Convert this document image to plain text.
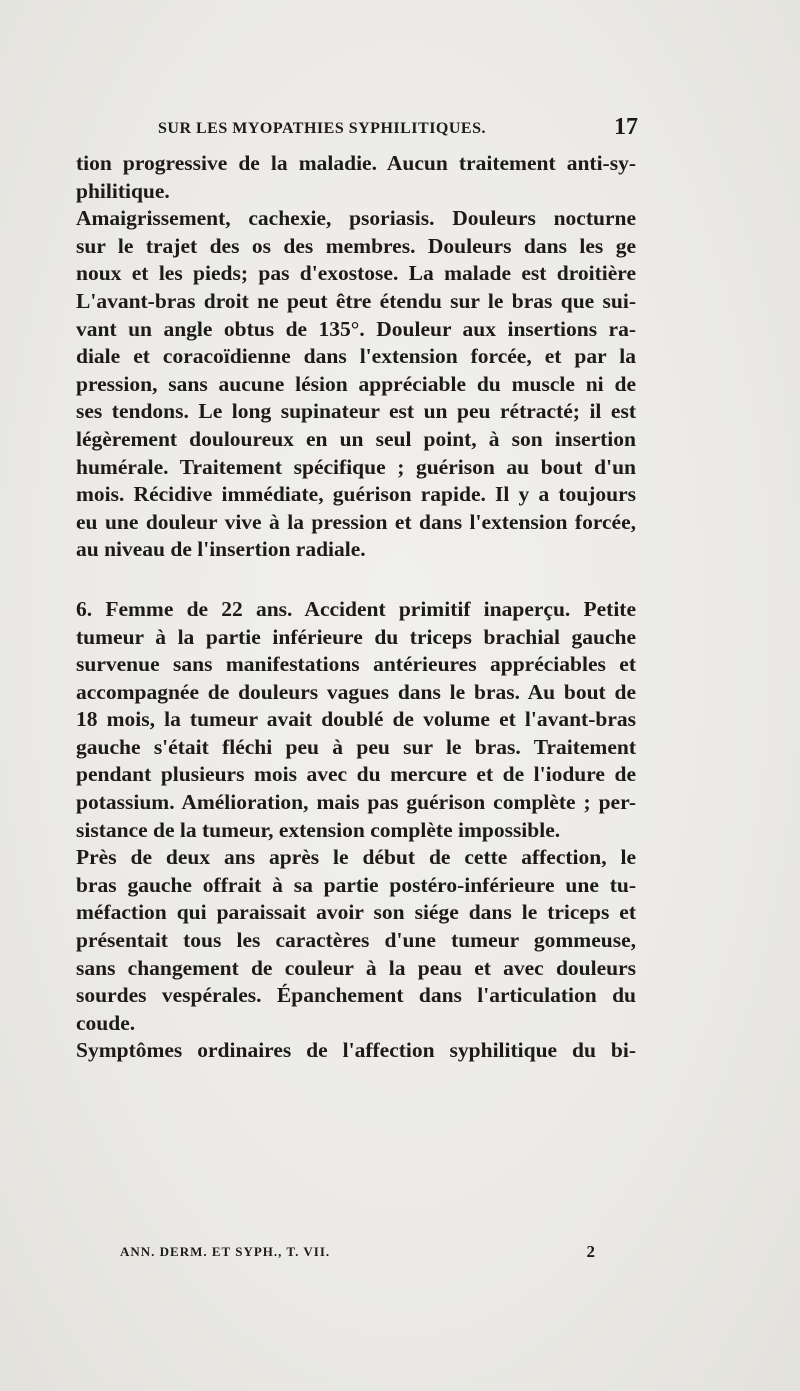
SUR LES MYOPATHIES SYPHILITIQUES.	17
tion progressive de la maladie. Aucun traitement anti-sy-
philitique.
Amaigrissement, cachexie, psoriasis. Douleurs nocturne
sur le trajet des os des membres. Douleurs dans les ge
noux et les pieds; pas d'exostose. La malade est droitière
L'avant-bras droit ne peut être étendu sur le bras que sui-
vant un angle obtus de 135°. Douleur aux insertions ra-
diale et coracoïdienne dans l'extension forcée, et par la
pression, sans aucune lésion appréciable du muscle ni de
ses tendons. Le long supinateur est un peu rétracté; il est
légèrement douloureux en un seul point, à son insertion
humérale. Traitement spécifique ; guérison au bout d'un
mois. Récidive immédiate, guérison rapide. Il y a toujours
eu une douleur vive à la pression et dans l'extension forcée,
au niveau de l'insertion radiale.
6. Femme de 22 ans. Accident primitif inaperçu. Petite
tumeur à la partie inférieure du triceps brachial gauche
survenue sans manifestations antérieures appréciables et
accompagnée de douleurs vagues dans le bras. Au bout de
18 mois, la tumeur avait doublé de volume et l'avant-bras
gauche s'était fléchi peu à peu sur le bras. Traitement
pendant plusieurs mois avec du mercure et de l'iodure de
potassium. Amélioration, mais pas guérison complète ; per-
sistance de la tumeur, extension complète impossible.
Près de deux ans après le début de cette affection, le
bras gauche offrait à sa partie postéro-inférieure une tu-
méfaction qui paraissait avoir son siége dans le triceps et
présentait tous les caractères d'une tumeur gommeuse,
sans changement de couleur à la peau et avec douleurs
sourdes vespérales. Épanchement dans l'articulation du
coude.
Symptômes ordinaires de l'affection syphilitique du bi-
ANN. DERM. ET SYPH., T. VII.	2
